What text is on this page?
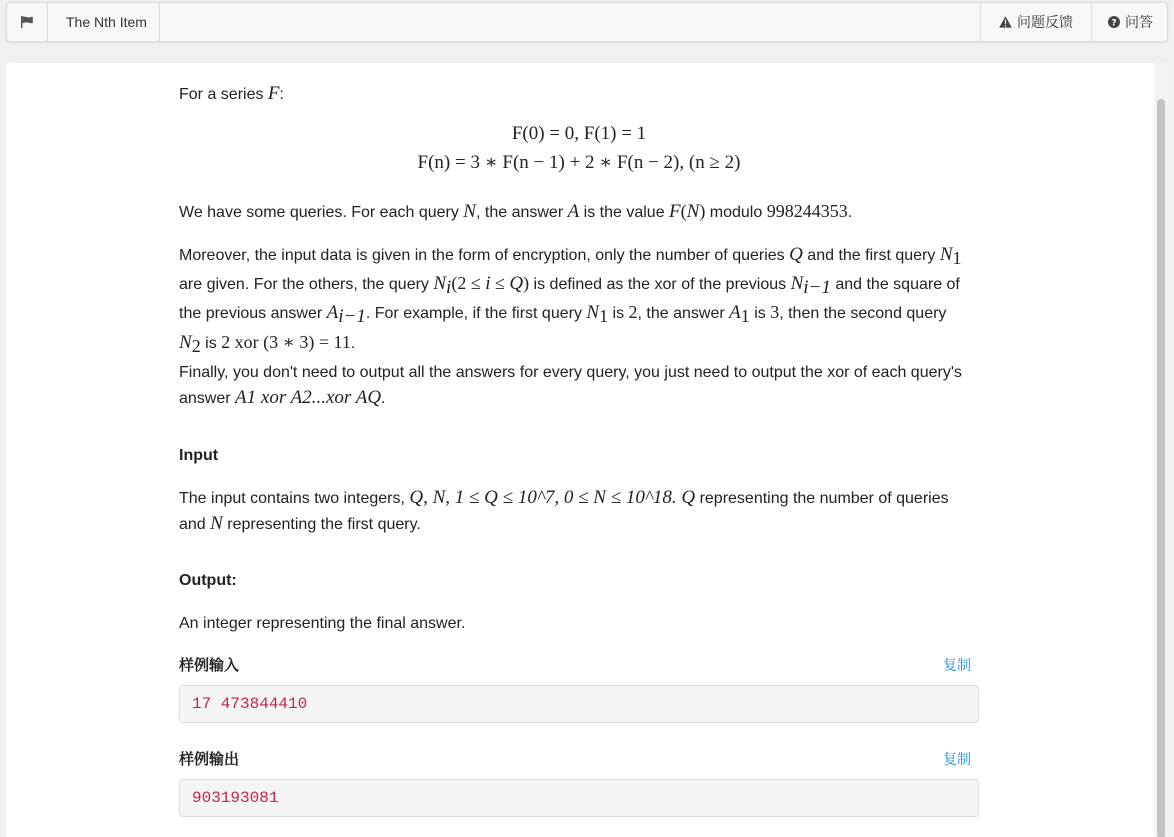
The Nth Item	问题反馈	? 问答

For a series F:

F(0) = 0, F(1) = 1
F(n) = 3 ∗ F(n − 1) + 2 ∗ F(n − 2), (n ≥ 2)

We have some queries. For each query N, the answer A is the value F(N) modulo 998244353.

Moreover, the input data is given in the form of encryption, only the number of queries Q and the first query $N_1$ are given. For the others, the query $N_i(2 \le i \le Q)$ is defined as the xor of the previous $N_{i-1}$ and the square of the previous answer $A_{i-1}$. For example, if the first query $N_1$ is 2, the answer $A_1$ is 3, then the second query $N_2$ is 2 xor (3 ∗ 3) = 11.

Finally, you don't need to output all the answers for every query, you just need to output the xor of each query's answer A1 xor A2...xor AQ.

Input

The input contains two integers, Q, N, 1 ≤ Q ≤ 10^7, 0 ≤ N ≤ 10^18. Q representing the number of queries and N representing the first query.

Output:

An integer representing the final answer.

样例输入	复制
17 473844410
样例输出	复制
903193081
